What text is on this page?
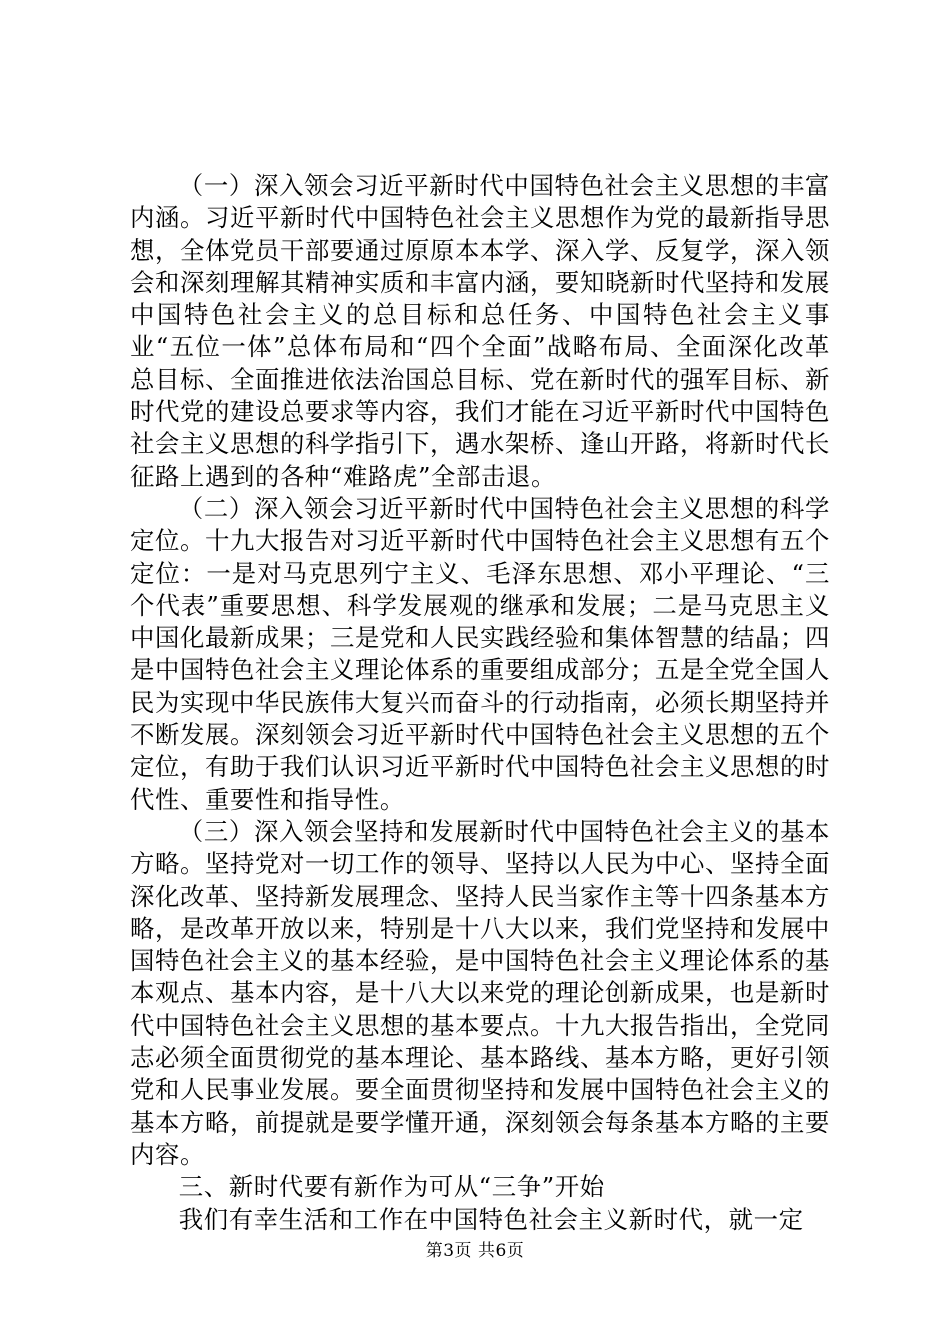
（一）深入领会习近平新时代中国特色社会主义思想的丰富内涵。习近平新时代中国特色社会主义思想作为党的最新指导思想，全体党员干部要通过原原本本学、深入学、反复学，深入领会和深刻理解其精神实质和丰富内涵，要知晓新时代坚持和发展中国特色社会主义的总目标和总任务、中国特色社会主义事业“五位一体”总体布局和“四个全面”战略布局、全面深化改革总目标、全面推进依法治国总目标、党在新时代的强军目标、新时代党的建设总要求等内容，我们才能在习近平新时代中国特色社会主义思想的科学指引下，遇水架桥、逢山开路，将新时代长征路上遇到的各种“难路虎”全部击退。

（二）深入领会习近平新时代中国特色社会主义思想的科学定位。十九大报告对习近平新时代中国特色社会主义思想有五个定位：一是对马克思列宁主义、毛泽东思想、邓小平理论、“三个代表”重要思想、科学发展观的继承和发展；二是马克思主义中国化最新成果；三是党和人民实践经验和集体智慧的结晶；四是中国特色社会主义理论体系的重要组成部分；五是全党全国人民为实现中华民族伟大复兴而奋斗的行动指南，必须长期坚持并不断发展。深刻领会习近平新时代中国特色社会主义思想的五个定位，有助于我们认识习近平新时代中国特色社会主义思想的时代性、重要性和指导性。

（三）深入领会坚持和发展新时代中国特色社会主义的基本方略。坚持党对一切工作的领导、坚持以人民为中心、坚持全面深化改革、坚持新发展理念、坚持人民当家作主等十四条基本方略，是改革开放以来，特别是十八大以来，我们党坚持和发展中国特色社会主义的基本经验，是中国特色社会主义理论体系的基本观点、基本内容，是十八大以来党的理论创新成果，也是新时代中国特色社会主义思想的基本要点。十九大报告指出，全党同志必须全面贯彻党的基本理论、基本路线、基本方略，更好引领党和人民事业发展。要全面贯彻坚持和发展中国特色社会主义的基本方略，前提就是要学懂开通，深刻领会每条基本方略的主要内容。

三、新时代要有新作为可从“三争”开始

我们有幸生活和工作在中国特色社会主义新时代，就一定

第3页 共6页
